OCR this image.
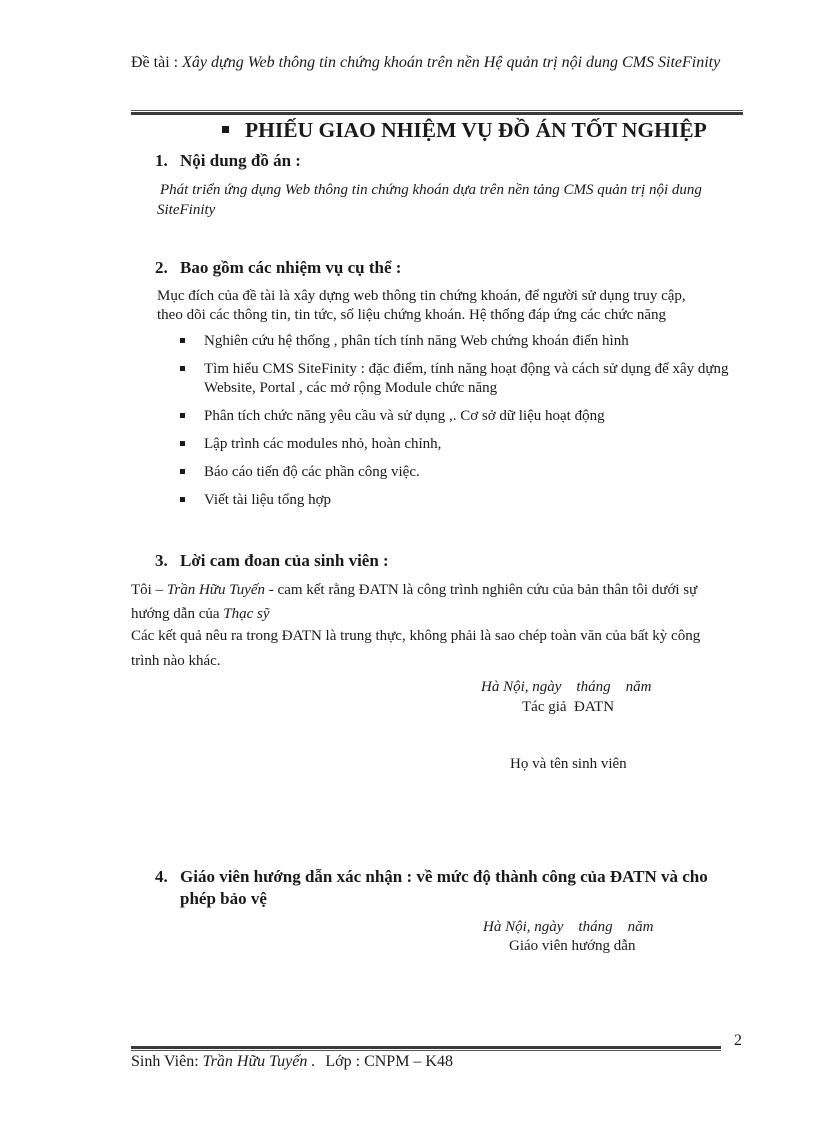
Đề tài : Xây dựng Web thông tin chứng khoán trên nền Hệ quản trị nội dung CMS SiteFinity
PHIẾU GIAO NHIỆM VỤ ĐỒ ÁN TỐT NGHIỆP
1. Nội dung đồ án :
Phát triển ứng dụng Web thông tin chứng khoán dựa trên nền tảng CMS quản trị nội dung
SiteFinity
2. Bao gồm các nhiệm vụ cụ thể :
Mục đích của đề tài là xây dựng web thông tin chứng khoán, để người sử dụng truy cập,
theo dõi các thông tin, tin tức, số liệu chứng khoán. Hệ thống đáp ứng các chức năng
Nghiên cứu hệ thống , phân tích tính năng Web chứng khoán điển hình
Tìm hiểu CMS SiteFinity : đặc điểm, tính năng hoạt động và cách sử dụng để xây dựng Website, Portal , các mở rộng Module chức năng
Phân tích chức năng yêu cầu và sử dụng ,. Cơ sở dữ liệu hoạt động
Lập trình các modules nhỏ, hoàn chỉnh,
Báo cáo tiến độ các phần công việc.
Viết tài liệu tổng hợp
3. Lời cam đoan của sinh viên :
Tôi – Trần Hữu Tuyến - cam kết rằng ĐATN là công trình nghiên cứu của bản thân tôi dưới sự
hướng dẫn của Thạc sỹ
Các kết quả nêu ra trong ĐATN là trung thực, không phải là sao chép toàn văn của bất kỳ công
trình nào khác.
Hà Nội, ngày    tháng    năm
Tác giả  ĐATN
Họ và tên sinh viên
4. Giáo viên hướng dẫn xác nhận : về mức độ thành công của ĐATN và cho
phép bảo vệ
Hà Nội, ngày    tháng    năm
Giáo viên hướng dẫn
2
Sinh Viên: Trần Hữu Tuyến . Lớp : CNPM – K48
